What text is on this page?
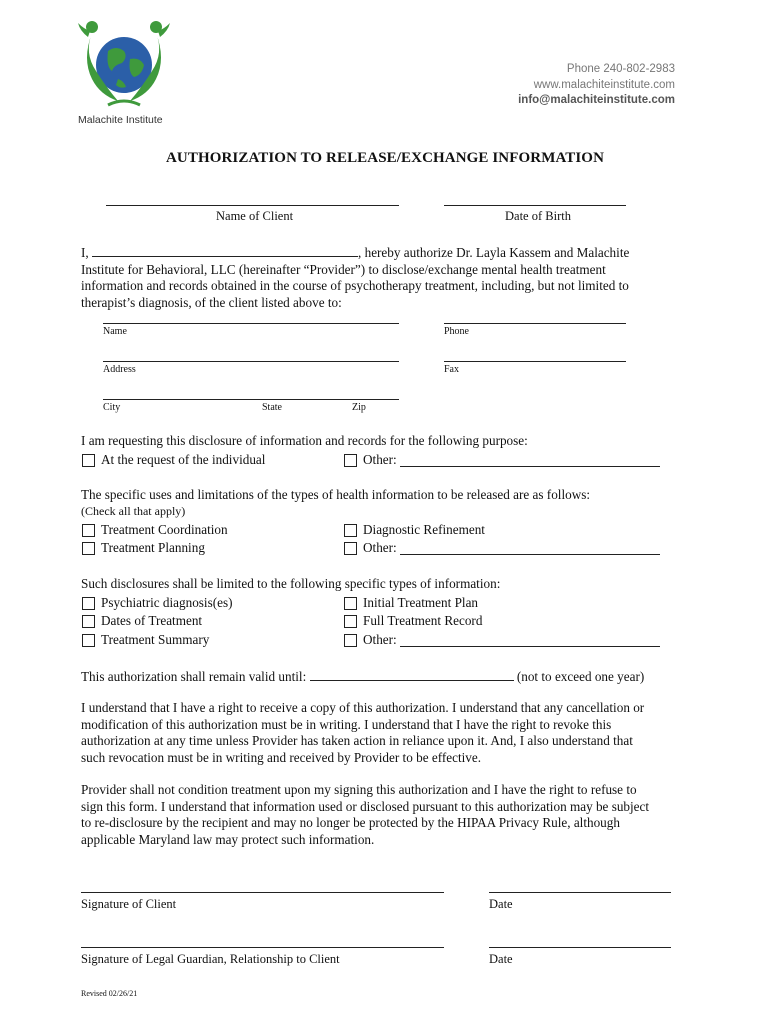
Malachite Institute
Phone 240-802-2983
www.malachiteinstitute.com
info@malachiteinstitute.com
AUTHORIZATION TO RELEASE/EXCHANGE INFORMATION
Name of Client	Date of Birth
I,	, hereby authorize Dr. Layla Kassem and Malachite
Institute for Behavioral, LLC (hereinafter “Provider”) to disclose/exchange mental health treatment
information and records obtained in the course of psychotherapy treatment, including, but not limited to
therapist’s diagnosis, of the client listed above to:
Name	Phone
Address	Fax
City	State	Zip
I am requesting this disclosure of information and records for the following purpose:
At the request of the individual	Other:
The specific uses and limitations of the types of health information to be released are as follows:
(Check all that apply)
Treatment Coordination
Treatment Planning
Diagnostic Refinement
Other:
Such disclosures shall be limited to the following specific types of information:
Psychiatric diagnosis(es)
Dates of Treatment
Treatment Summary
Initial Treatment Plan
Full Treatment Record
Other:
This authorization shall remain valid until:	(not to exceed one year)
I understand that I have a right to receive a copy of this authorization. I understand that any cancellation or
modification of this authorization must be in writing. I understand that I have the right to revoke this
authorization at any time unless Provider has taken action in reliance upon it. And, I also understand that
such revocation must be in writing and received by Provider to be effective.
Provider shall not condition treatment upon my signing this authorization and I have the right to refuse to
sign this form. I understand that information used or disclosed pursuant to this authorization may be subject
to re-disclosure by the recipient and may no longer be protected by the HIPAA Privacy Rule, although
applicable Maryland law may protect such information.
Signature of Client	Date
Signature of Legal Guardian, Relationship to Client	Date
Revised 02/26/21
